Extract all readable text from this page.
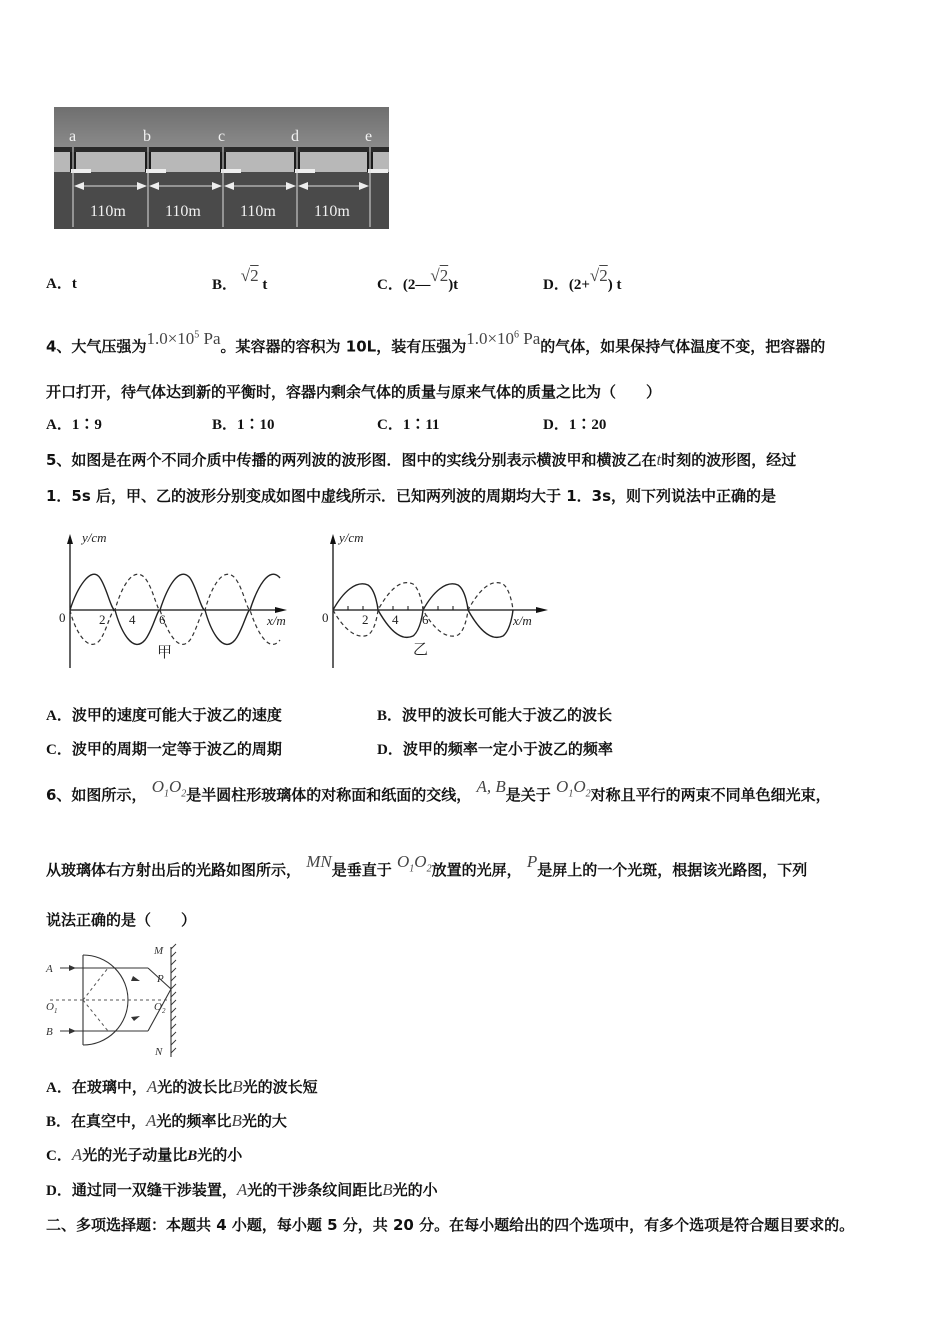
a	b	c	d	e
110m 110m 110m 110m
A．t	B． √2 t	C．(2—√2)t	D．(2+√2) t
4、大气压强为$1.0\times 10^5$ Pa。某容器的容积为 10L，装有压强为$1.0\times 10^6$ Pa的气体，如果保持气体温度不变，把容器的
开口打开，待气体达到新的平衡时，容器内剩余气体的质量与原来气体的质量之比为（　　）
A．1∶9	B．1∶10	C．1∶11	D．1∶20
5、如图是在两个不同介质中传播的两列波的波形图．图中的实线分别表示横波甲和横波乙在t时刻的波形图，经过
1．5s 后，甲、乙的波形分别变成如图中虚线所示．已知两列波的周期均大于 1．3s，则下列说法中正确的是
y/cm
0	2 4 6	x/m
甲
y/cm
0	2 4 6	x/m
乙
A．波甲的速度可能大于波乙的速度	B．波甲的波长可能大于波乙的波长
C．波甲的周期一定等于波乙的周期	D．波甲的频率一定小于波乙的频率
6、如图所示， $O_1O_2$是半圆柱形玻璃体的对称面和纸面的交线， A, B是关于 $O_1O_2$对称且平行的两束不同单色细光束，
从玻璃体右方射出后的光路如图所示， MN是垂直于 $O_1O_2$放置的光屏， P是屏上的一个光斑，根据该光路图，下列
说法正确的是（　　）
A
B
O 1
M
P
O 2
N
A．在玻璃中，A光的波长比B光的波长短
B．在真空中，A光的频率比B光的大
C．A光的光子动量比B光的小
D．通过同一双缝干涉装置，A光的干涉条纹间距比B光的小
二、多项选择题：本题共 4 小题，每小题 5 分，共 20 分。在每小题给出的四个选项中，有多个选项是符合题目要求的。
